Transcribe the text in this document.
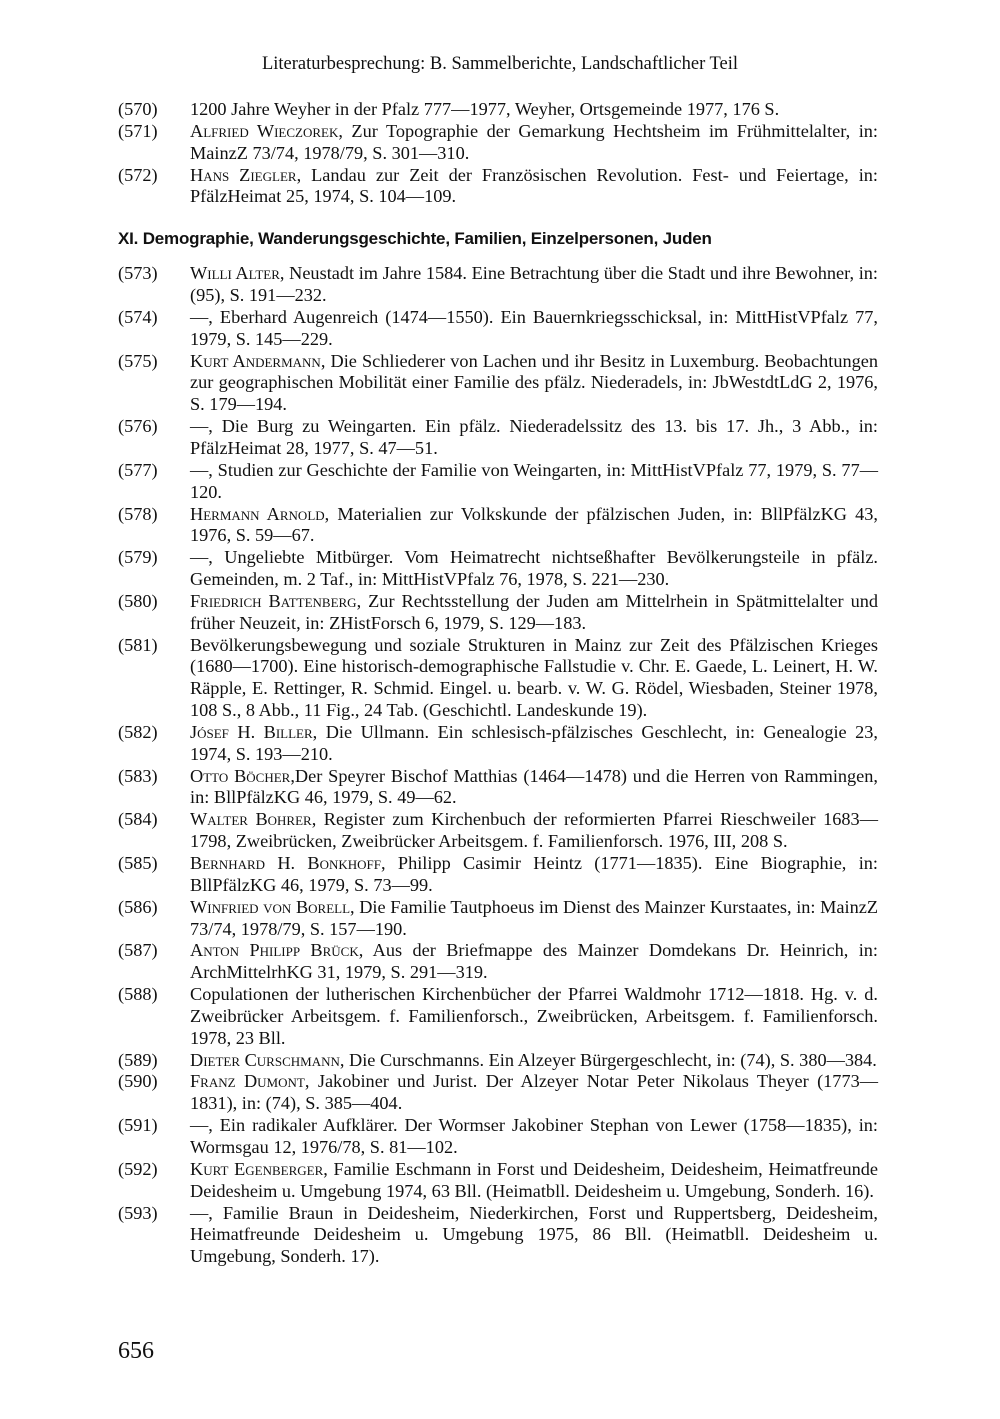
Literaturbesprechung: B. Sammelberichte, Landschaftlicher Teil
(570) 1200 Jahre Weyher in der Pfalz 777—1977, Weyher, Ortsgemeinde 1977, 176 S.
(571) Alfried Wieczorek, Zur Topographie der Gemarkung Hechtsheim im Frühmittelalter, in: MainzZ 73/74, 1978/79, S. 301—310.
(572) Hans Ziegler, Landau zur Zeit der Französischen Revolution. Fest- und Feiertage, in: PfälzHeimat 25, 1974, S. 104—109.
XI. Demographie, Wanderungsgeschichte, Familien, Einzelpersonen, Juden
(573) Willi Alter, Neustadt im Jahre 1584. Eine Betrachtung über die Stadt und ihre Bewohner, in: (95), S. 191—232.
(574) —, Eberhard Augenreich (1474—1550). Ein Bauernkriegsschicksal, in: MittHistVPfalz 77, 1979, S. 145—229.
(575) Kurt Andermann, Die Schliederer von Lachen und ihr Besitz in Luxemburg. Beobachtungen zur geographischen Mobilität einer Familie des pfälz. Niederadels, in: JbWestdtLdG 2, 1976, S. 179—194.
(576) —, Die Burg zu Weingarten. Ein pfälz. Niederadelssitz des 13. bis 17. Jh., 3 Abb., in: PfälzHeimat 28, 1977, S. 47—51.
(577) —, Studien zur Geschichte der Familie von Weingarten, in: MittHistVPfalz 77, 1979, S. 77—120.
(578) Hermann Arnold, Materialien zur Volkskunde der pfälzischen Juden, in: BllPfälzKG 43, 1976, S. 59—67.
(579) —, Ungeliebte Mitbürger. Vom Heimatrecht nichtseßhafter Bevölkerungsteile in pfälz. Gemeinden, m. 2 Taf., in: MittHistVPfalz 76, 1978, S. 221—230.
(580) Friedrich Battenberg, Zur Rechtsstellung der Juden am Mittelrhein in Spätmittelalter und früher Neuzeit, in: ZHistForsch 6, 1979, S. 129—183.
(581) Bevölkerungsbewegung und soziale Strukturen in Mainz zur Zeit des Pfälzischen Krieges (1680—1700). Eine historisch-demographische Fallstudie v. Chr. E. Gaede, L. Leinert, H. W. Räpple, E. Rettinger, R. Schmid. Eingel. u. bearb. v. W. G. Rödel, Wiesbaden, Steiner 1978, 108 S., 8 Abb., 11 Fig., 24 Tab. (Geschichtl. Landeskunde 19).
(582) Jósef H. Biller, Die Ullmann. Ein schlesisch-pfälzisches Geschlecht, in: Genealogie 23, 1974, S. 193—210.
(583) Otto Böcher,Der Speyrer Bischof Matthias (1464—1478) und die Herren von Rammingen, in: BllPfälzKG 46, 1979, S. 49—62.
(584) Walter Bohrer, Register zum Kirchenbuch der reformierten Pfarrei Rieschweiler 1683—1798, Zweibrücken, Zweibrücker Arbeitsgem. f. Familienforsch. 1976, III, 208 S.
(585) Bernhard H. Bonkhoff, Philipp Casimir Heintz (1771—1835). Eine Biographie, in: BllPfälzKG 46, 1979, S. 73—99.
(586) Winfried von Borell, Die Familie Tautphoeus im Dienst des Mainzer Kurstaates, in: MainzZ 73/74, 1978/79, S. 157—190.
(587) Anton Philipp Brück, Aus der Briefmappe des Mainzer Domdekans Dr. Heinrich, in: ArchMittelrhKG 31, 1979, S. 291—319.
(588) Copulationen der lutherischen Kirchenbücher der Pfarrei Waldmohr 1712—1818. Hg. v. d. Zweibrücker Arbeitsgem. f. Familienforsch., Zweibrücken, Arbeitsgem. f. Familienforsch. 1978, 23 Bll.
(589) Dieter Curschmann, Die Curschmanns. Ein Alzeyer Bürgergeschlecht, in: (74), S. 380—384.
(590) Franz Dumont, Jakobiner und Jurist. Der Alzeyer Notar Peter Nikolaus Theyer (1773—1831), in: (74), S. 385—404.
(591) —, Ein radikaler Aufklärer. Der Wormser Jakobiner Stephan von Lewer (1758—1835), in: Wormsgau 12, 1976/78, S. 81—102.
(592) Kurt Egenberger, Familie Eschmann in Forst und Deidesheim, Deidesheim, Heimatfreunde Deidesheim u. Umgebung 1974, 63 Bll. (Heimatbll. Deidesheim u. Umgebung, Sonderh. 16).
(593) —, Familie Braun in Deidesheim, Niederkirchen, Forst und Ruppertsberg, Deidesheim, Heimatfreunde Deidesheim u. Umgebung 1975, 86 Bll. (Heimatbll. Deidesheim u. Umgebung, Sonderh. 17).
656
